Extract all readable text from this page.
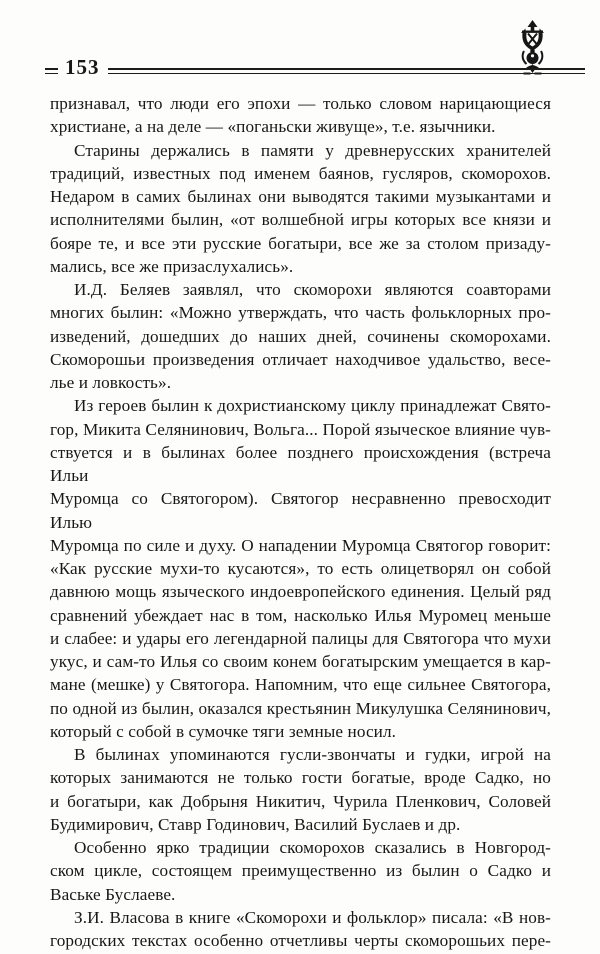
153
признавал, что люди его эпохи — только словом нарицающиеся
христиане, а на деле — «поганьски живуще», т.е. язычники.
Старины держались в памяти у древнерусских хранителей
традиций, известных под именем баянов, гусляров, скоморохов.
Недаром в самих былинах они выводятся такими музыкантами и
исполнителями былин, «от волшебной игры которых все князи и
бояре те, и все эти русские богатыри, все же за столом призаду-
мались, все же призаслухались».
И.Д. Беляев заявлял, что скоморохи являются соавторами
многих былин: «Можно утверждать, что часть фольклорных про-
изведений, дошедших до наших дней, сочинены скоморохами.
Скоморошьи произведения отличает находчивое удальство, весе-
лье и ловкость».
Из героев былин к дохристианскому циклу принадлежат Свято-
гор, Микита Селянинович, Вольга... Порой языческое влияние чув-
ствуется и в былинах более позднего происхождения (встреча Ильи
Муромца со Святогором). Святогор несравненно превосходит Илью
Муромца по силе и духу. О нападении Муромца Святогор говорит:
«Как русские мухи-то кусаются», то есть олицетворял он собой
давнюю мощь языческого индоевропейского единения. Целый ряд
сравнений убеждает нас в том, насколько Илья Муромец меньше
и слабее: и удары его легендарной палицы для Святогора что мухи
укус, и сам-то Илья со своим конем богатырским умещается в кар-
мане (мешке) у Святогора. Напомним, что еще сильнее Святогора,
по одной из былин, оказался крестьянин Микулушка Селянинович,
который с собой в сумочке тяги земные носил.
В былинах упоминаются гусли-звончаты и гудки, игрой на
которых занимаются не только гости богатые, вроде Садко, но
и богатыри, как Добрыня Никитич, Чурила Пленкович, Соловей
Будимирович, Ставр Годинович, Василий Буслаев и др.
Особенно ярко традиции скоморохов сказались в Новгород-
ском цикле, состоящем преимущественно из былин о Садко и
Ваське Буслаеве.
З.И. Власова в книге «Скоморохи и фольклор» писала: «В нов-
городских текстах особенно отчетливы черты скоморошьих пере-
